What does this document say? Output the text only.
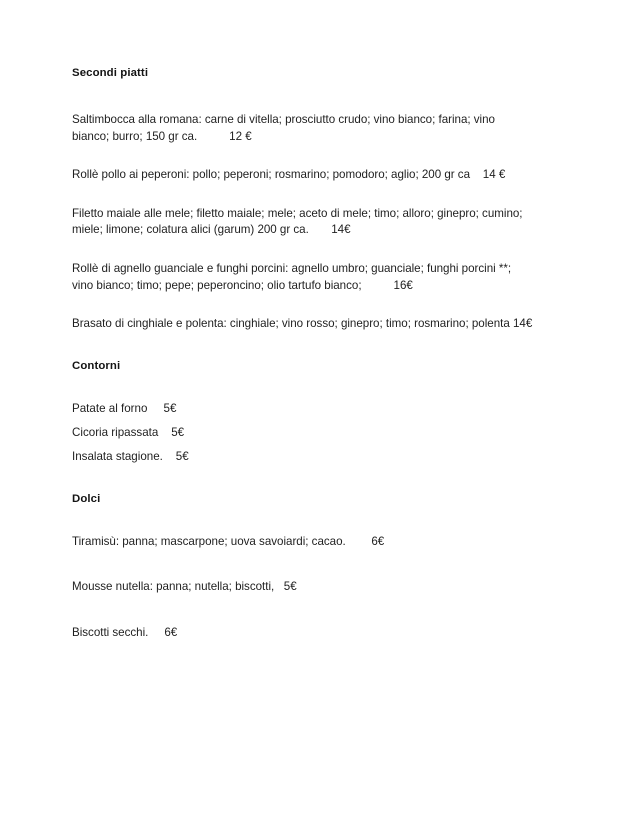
Secondi piatti

Saltimbocca alla romana: carne di vitella; prosciutto crudo; vino bianco; farina; vino bianco; burro; 150 gr ca.          12 €

Rollè pollo ai peperoni: pollo; peperoni; rosmarino; pomodoro; aglio; 200 gr ca    14 €

Filetto maiale alle mele; filetto maiale; mele; aceto di mele; timo; alloro; ginepro; cumino; miele; limone; colatura alici (garum) 200 gr ca.       14€

Rollè di agnello guanciale e funghi porcini: agnello umbro; guanciale; funghi porcini **; vino bianco; timo; pepe; peperoncino; olio tartufo bianco;          16€

Brasato di cinghiale e polenta: cinghiale; vino rosso; ginepro; timo; rosmarino; polenta 14€

Contorni

Patate al forno     5€

Cicoria ripassata    5€

Insalata stagione.    5€

Dolci

Tiramisù: panna; mascarpone; uova savoiardi; cacao.        6€

Mousse nutella: panna; nutella; biscotti,   5€

Biscotti secchi.     6€
